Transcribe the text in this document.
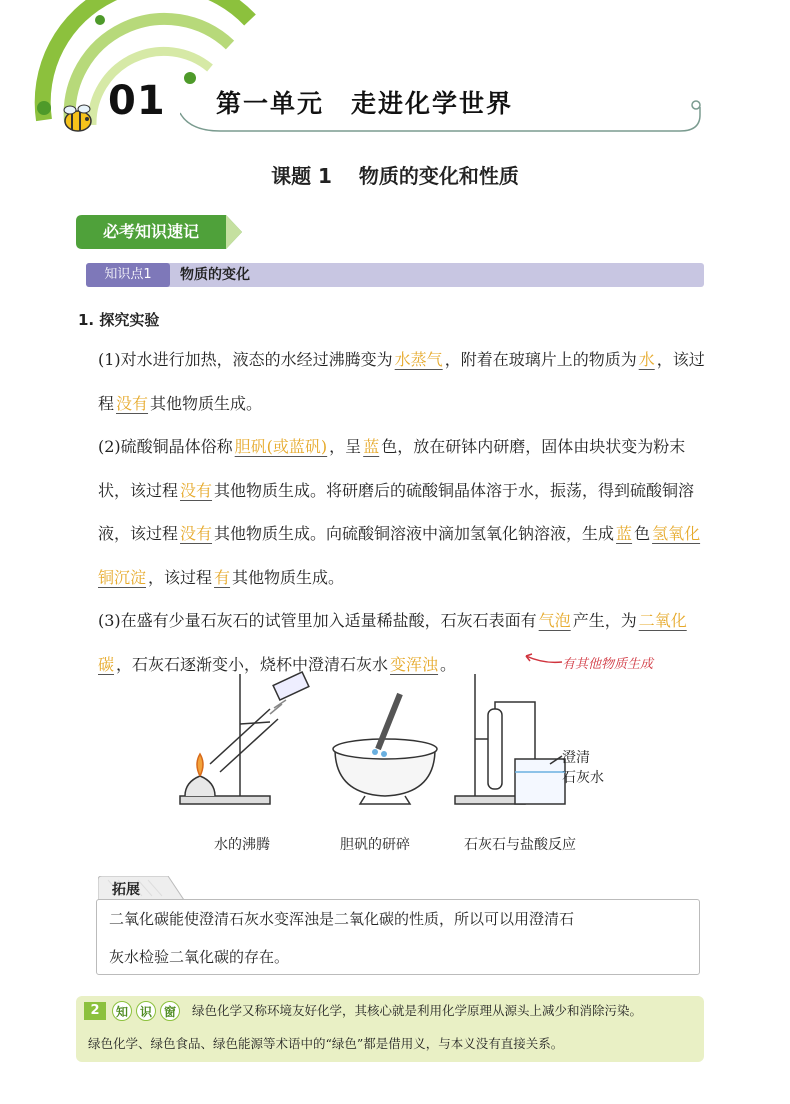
01 第一单元　走进化学世界
课题 1　 物质的变化和性质
必考知识速记
知识点1	物质的变化
1. 探究实验

(1)对水进行加热，液态的水经过沸腾变为 水蒸气 ，附着在玻璃片上的物质为 水 ，该过程 没有 其他物质生成。

(2)硫酸铜晶体俗称 胆矾(或蓝矾) ，呈 蓝 色，放在研钵内研磨，固体由块状变为粉末状，该过程 没有 其他物质生成。将研磨后的硫酸铜晶体溶于水，振荡，得到硫酸铜溶液，该过程 没有 其他物质生成。向硫酸铜溶液中滴加氢氧化钠溶液，生成 蓝 色 氢氧化铜沉淀 ，该过程 有 其他物质生成。

(3)在盛有少量石灰石的试管里加入适量稀盐酸，石灰石表面有 气泡 产生，为 二氧化碳 ，石灰石逐渐变小，烧杯中澄清石灰水 变浑浊 。	有其他物质生成
澄清
石灰水
水的沸腾	胆矾的研碎	石灰石与盐酸反应
拓展

二氧化碳能使澄清石灰水变浑浊是二氧化碳的性质，所以可以用澄清石

灰水检验二氧化碳的存在。

2	知 识 窗	绿色化学又称环境友好化学，其核心就是利用化学原理从源头上减少和消除污染。
绿色化学、绿色食品、绿色能源等术语中的“绿色”都是借用义，与本义没有直接关系。
